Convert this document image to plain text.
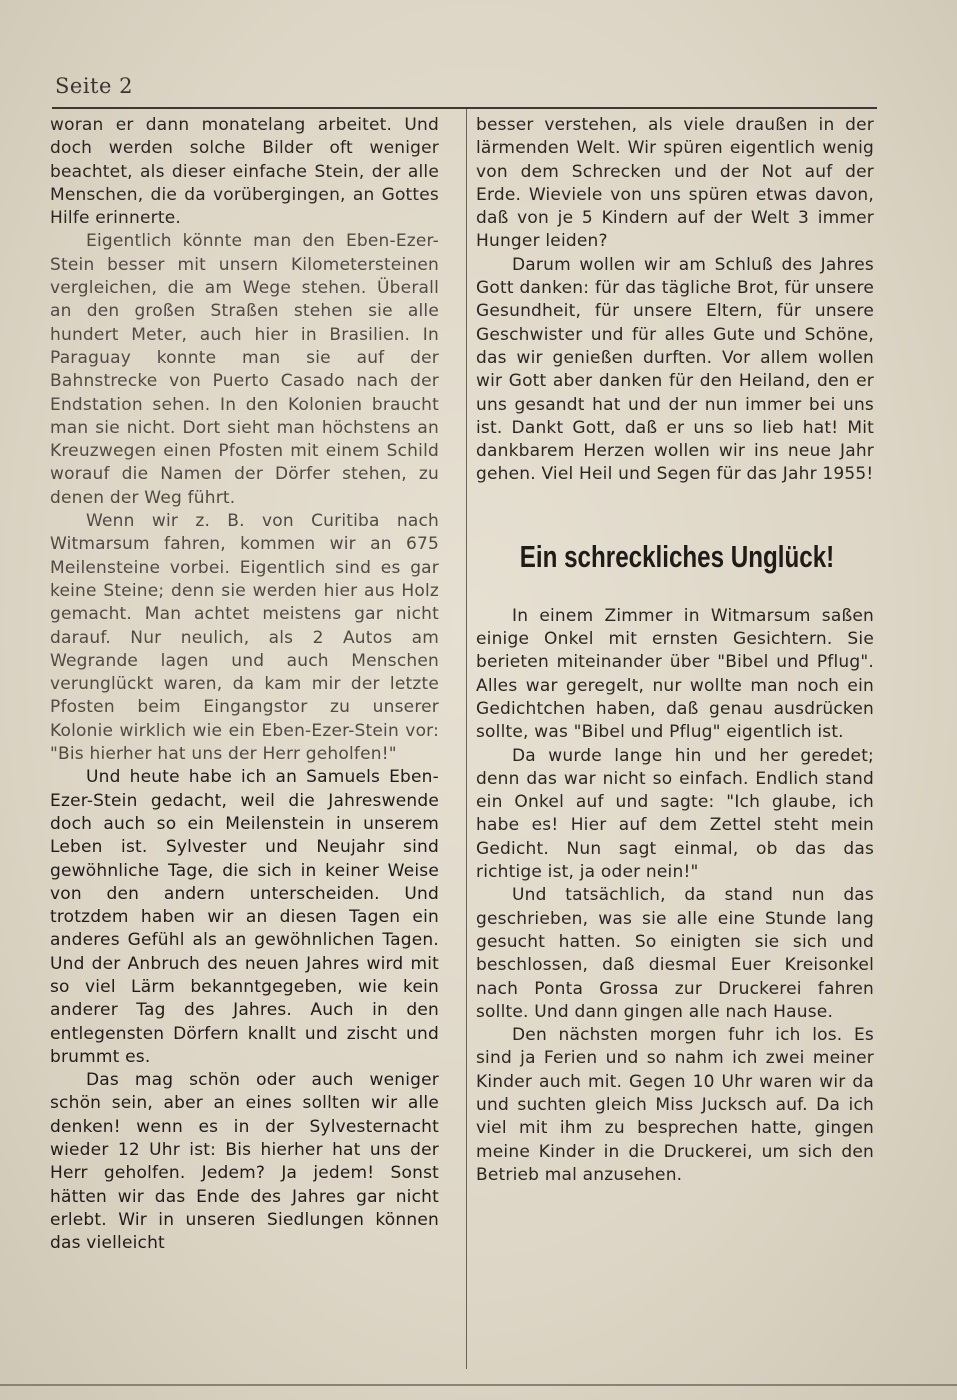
Seite 2

woran er dann monatelang arbeitet. Und doch werden solche Bilder oft weniger beachtet, als dieser einfache Stein, der alle Menschen, die da vorübergingen, an Gottes Hilfe erinnerte.

Eigentlich könnte man den Eben-Ezer-Stein besser mit unsern Kilometersteinen vergleichen, die am Wege stehen. Überall an den großen Straßen stehen sie alle hundert Meter, auch hier in Brasilien. In Paraguay konnte man sie auf der Bahnstrecke von Puerto Casado nach der Endstation sehen. In den Kolonien braucht man sie nicht. Dort sieht man höchstens an Kreuzwegen einen Pfosten mit einem Schild worauf die Namen der Dörfer stehen, zu denen der Weg führt.

Wenn wir z. B. von Curitiba nach Witmarsum fahren, kommen wir an 675 Meilensteine vorbei. Eigentlich sind es gar keine Steine; denn sie werden hier aus Holz gemacht. Man achtet meistens gar nicht darauf. Nur neulich, als 2 Autos am Wegrande lagen und auch Menschen verunglückt waren, da kam mir der letzte Pfosten beim Eingangstor zu unserer Kolonie wirklich wie ein Eben-Ezer-Stein vor: "Bis hierher hat uns der Herr geholfen!"

Und heute habe ich an Samuels Eben-Ezer-Stein gedacht, weil die Jahreswende doch auch so ein Meilenstein in unserem Leben ist. Sylvester und Neujahr sind gewöhnliche Tage, die sich in keiner Weise von den andern unterscheiden. Und trotzdem haben wir an diesen Tagen ein anderes Gefühl als an gewöhnlichen Tagen. Und der Anbruch des neuen Jahres wird mit so viel Lärm bekanntgegeben, wie kein anderer Tag des Jahres. Auch in den entlegensten Dörfern knallt und zischt und brummt es.

Das mag schön oder auch weniger schön sein, aber an eines sollten wir alle denken! wenn es in der Sylvesternacht wieder 12 Uhr ist: Bis hierher hat uns der Herr geholfen. Jedem? Ja jedem! Sonst hätten wir das Ende des Jahres gar nicht erlebt. Wir in unseren Siedlungen können das vielleicht

besser verstehen, als viele draußen in der lärmenden Welt. Wir spüren eigentlich wenig von dem Schrecken und der Not auf der Erde. Wieviele von uns spüren etwas davon, daß von je 5 Kindern auf der Welt 3 immer Hunger leiden?

Darum wollen wir am Schluß des Jahres Gott danken: für das tägliche Brot, für unsere Gesundheit, für unsere Eltern, für unsere Geschwister und für alles Gute und Schöne, das wir genießen durften. Vor allem wollen wir Gott aber danken für den Heiland, den er uns gesandt hat und der nun immer bei uns ist. Dankt Gott, daß er uns so lieb hat! Mit dankbarem Herzen wollen wir ins neue Jahr gehen. Viel Heil und Segen für das Jahr 1955!

Ein schreckliches Unglück!

In einem Zimmer in Witmarsum saßen einige Onkel mit ernsten Gesichtern. Sie berieten miteinander über "Bibel und Pflug". Alles war geregelt, nur wollte man noch ein Gedichtchen haben, daß genau ausdrücken sollte, was "Bibel und Pflug" eigentlich ist.

Da wurde lange hin und her geredet; denn das war nicht so einfach. Endlich stand ein Onkel auf und sagte: "Ich glaube, ich habe es! Hier auf dem Zettel steht mein Gedicht. Nun sagt einmal, ob das das richtige ist, ja oder nein!"

Und tatsächlich, da stand nun das geschrieben, was sie alle eine Stunde lang gesucht hatten. So einigten sie sich und beschlossen, daß diesmal Euer Kreisonkel nach Ponta Grossa zur Druckerei fahren sollte. Und dann gingen alle nach Hause.

Den nächsten morgen fuhr ich los. Es sind ja Ferien und so nahm ich zwei meiner Kinder auch mit. Gegen 10 Uhr waren wir da und suchten gleich Miss Jucksch auf. Da ich viel mit ihm zu besprechen hatte, gingen meine Kinder in die Druckerei, um sich den Betrieb mal anzusehen.
